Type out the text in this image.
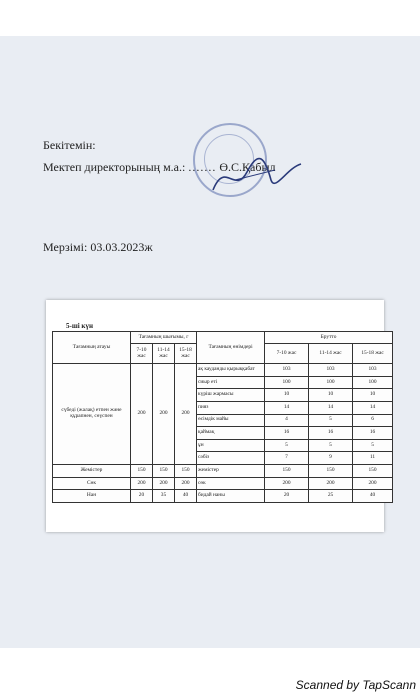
Бекітемін:
Мектеп директорының м.а.: ....... Ө.С.Қабыл
Мерзімі: 03.03.2023ж
5-ші күн
Тағамның атауы	Тағамның шығымы, г			Тағамның өнімдері	Брутто		
	7-10 жас	11-14 жас	15-18 жас		7-10 жас	11-14 жас	15-18 жас
сүбеді (жалақ) етпен және құрапнен, сөүспен	200	200	200	ақ кауданды қырыққабат	103	103	103
				сиыр еті	100	100	100
				күріш жармасы	10	10	10
				пияз	14	14	14
				өсімдік майы	4	5	6
				қаймақ	16	16	16
				ұн	5	5	5
				сәбіз	7	9	11
Жемістер	150	150	150	жемістер	150	150	150
Сөк	200	200	200	сөк	200	200	200
Нан	20	35	40	бидай наны	20	25	40
Scanned by TapScann
